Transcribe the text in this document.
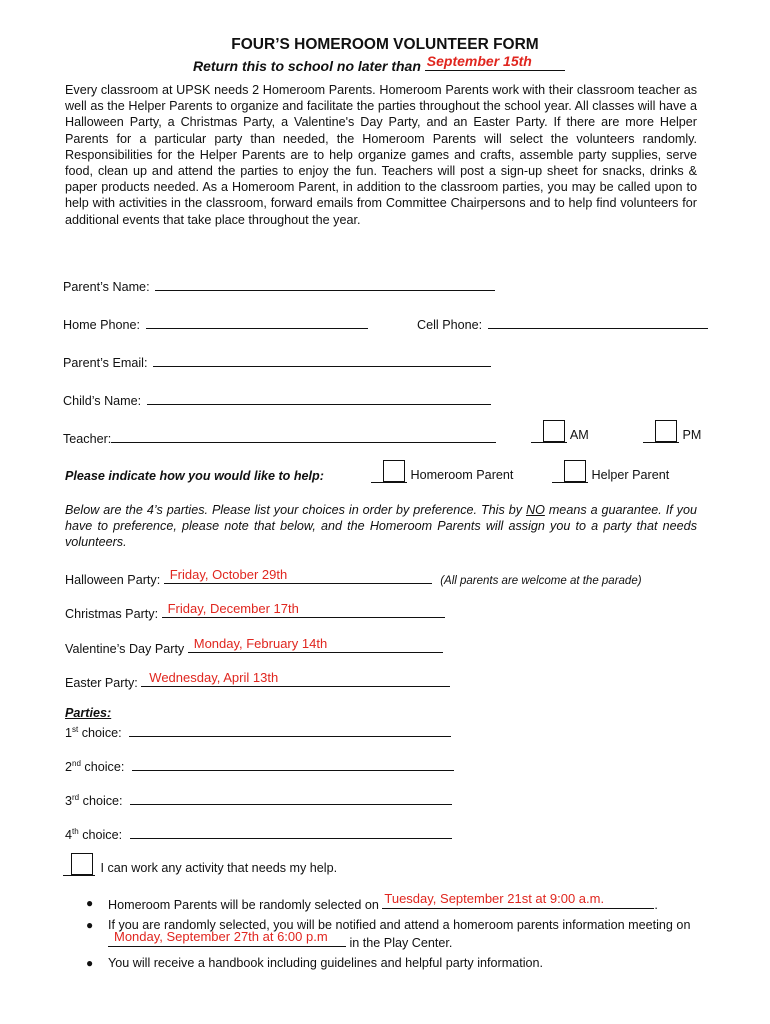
FOUR’S HOMEROOM VOLUNTEER FORM
Return this to school no later than September 15th

Every classroom at UPSK needs 2 Homeroom Parents. Homeroom Parents work with their classroom teacher as well as the Helper Parents to organize and facilitate the parties throughout the school year. All classes will have a Halloween Party, a Christmas Party, a Valentine's Day Party, and an Easter Party. If there are more Helper Parents for a particular party than needed, the Homeroom Parents will select the volunteers randomly. Responsibilities for the Helper Parents are to help organize games and crafts, assemble party supplies, serve food, clean up and attend the parties to enjoy the fun. Teachers will post a sign-up sheet for snacks, drinks & paper products needed. As a Homeroom Parent, in addition to the classroom parties, you may be called upon to help with activities in the classroom, forward emails from Committee Chairpersons and to help find volunteers for additional events that take place throughout the year.

Parent’s Name:
Home Phone:	Cell Phone:
Parent’s Email:
Child’s Name:
Teacher:	AM	PM
Please indicate how you would like to help:	Homeroom Parent	Helper Parent
Below are the 4’s parties. Please list your choices in order by preference. This by NO means a guarantee. If you have to preference, please note that below, and the Homeroom Parents will assign you to a party that needs volunteers.
Halloween Party: Friday, October 29th	(All parents are welcome at the parade)
Christmas Party: Friday, December 17th
Valentine’s Day Party Monday, February 14th
Easter Party: Wednesday, April 13th
Parties:
1st choice:
2nd choice:
3rd choice:
4th choice:
I can work any activity that needs my help.
● Homeroom Parents will be randomly selected on Tuesday, September 21st at 9:00 a.m.	.
● If you are randomly selected, you will be notified and attend a homeroom parents information meeting on
Monday, September 27th at 6:00 p.m in the Play Center.
● You will receive a handbook including guidelines and helpful party information.
